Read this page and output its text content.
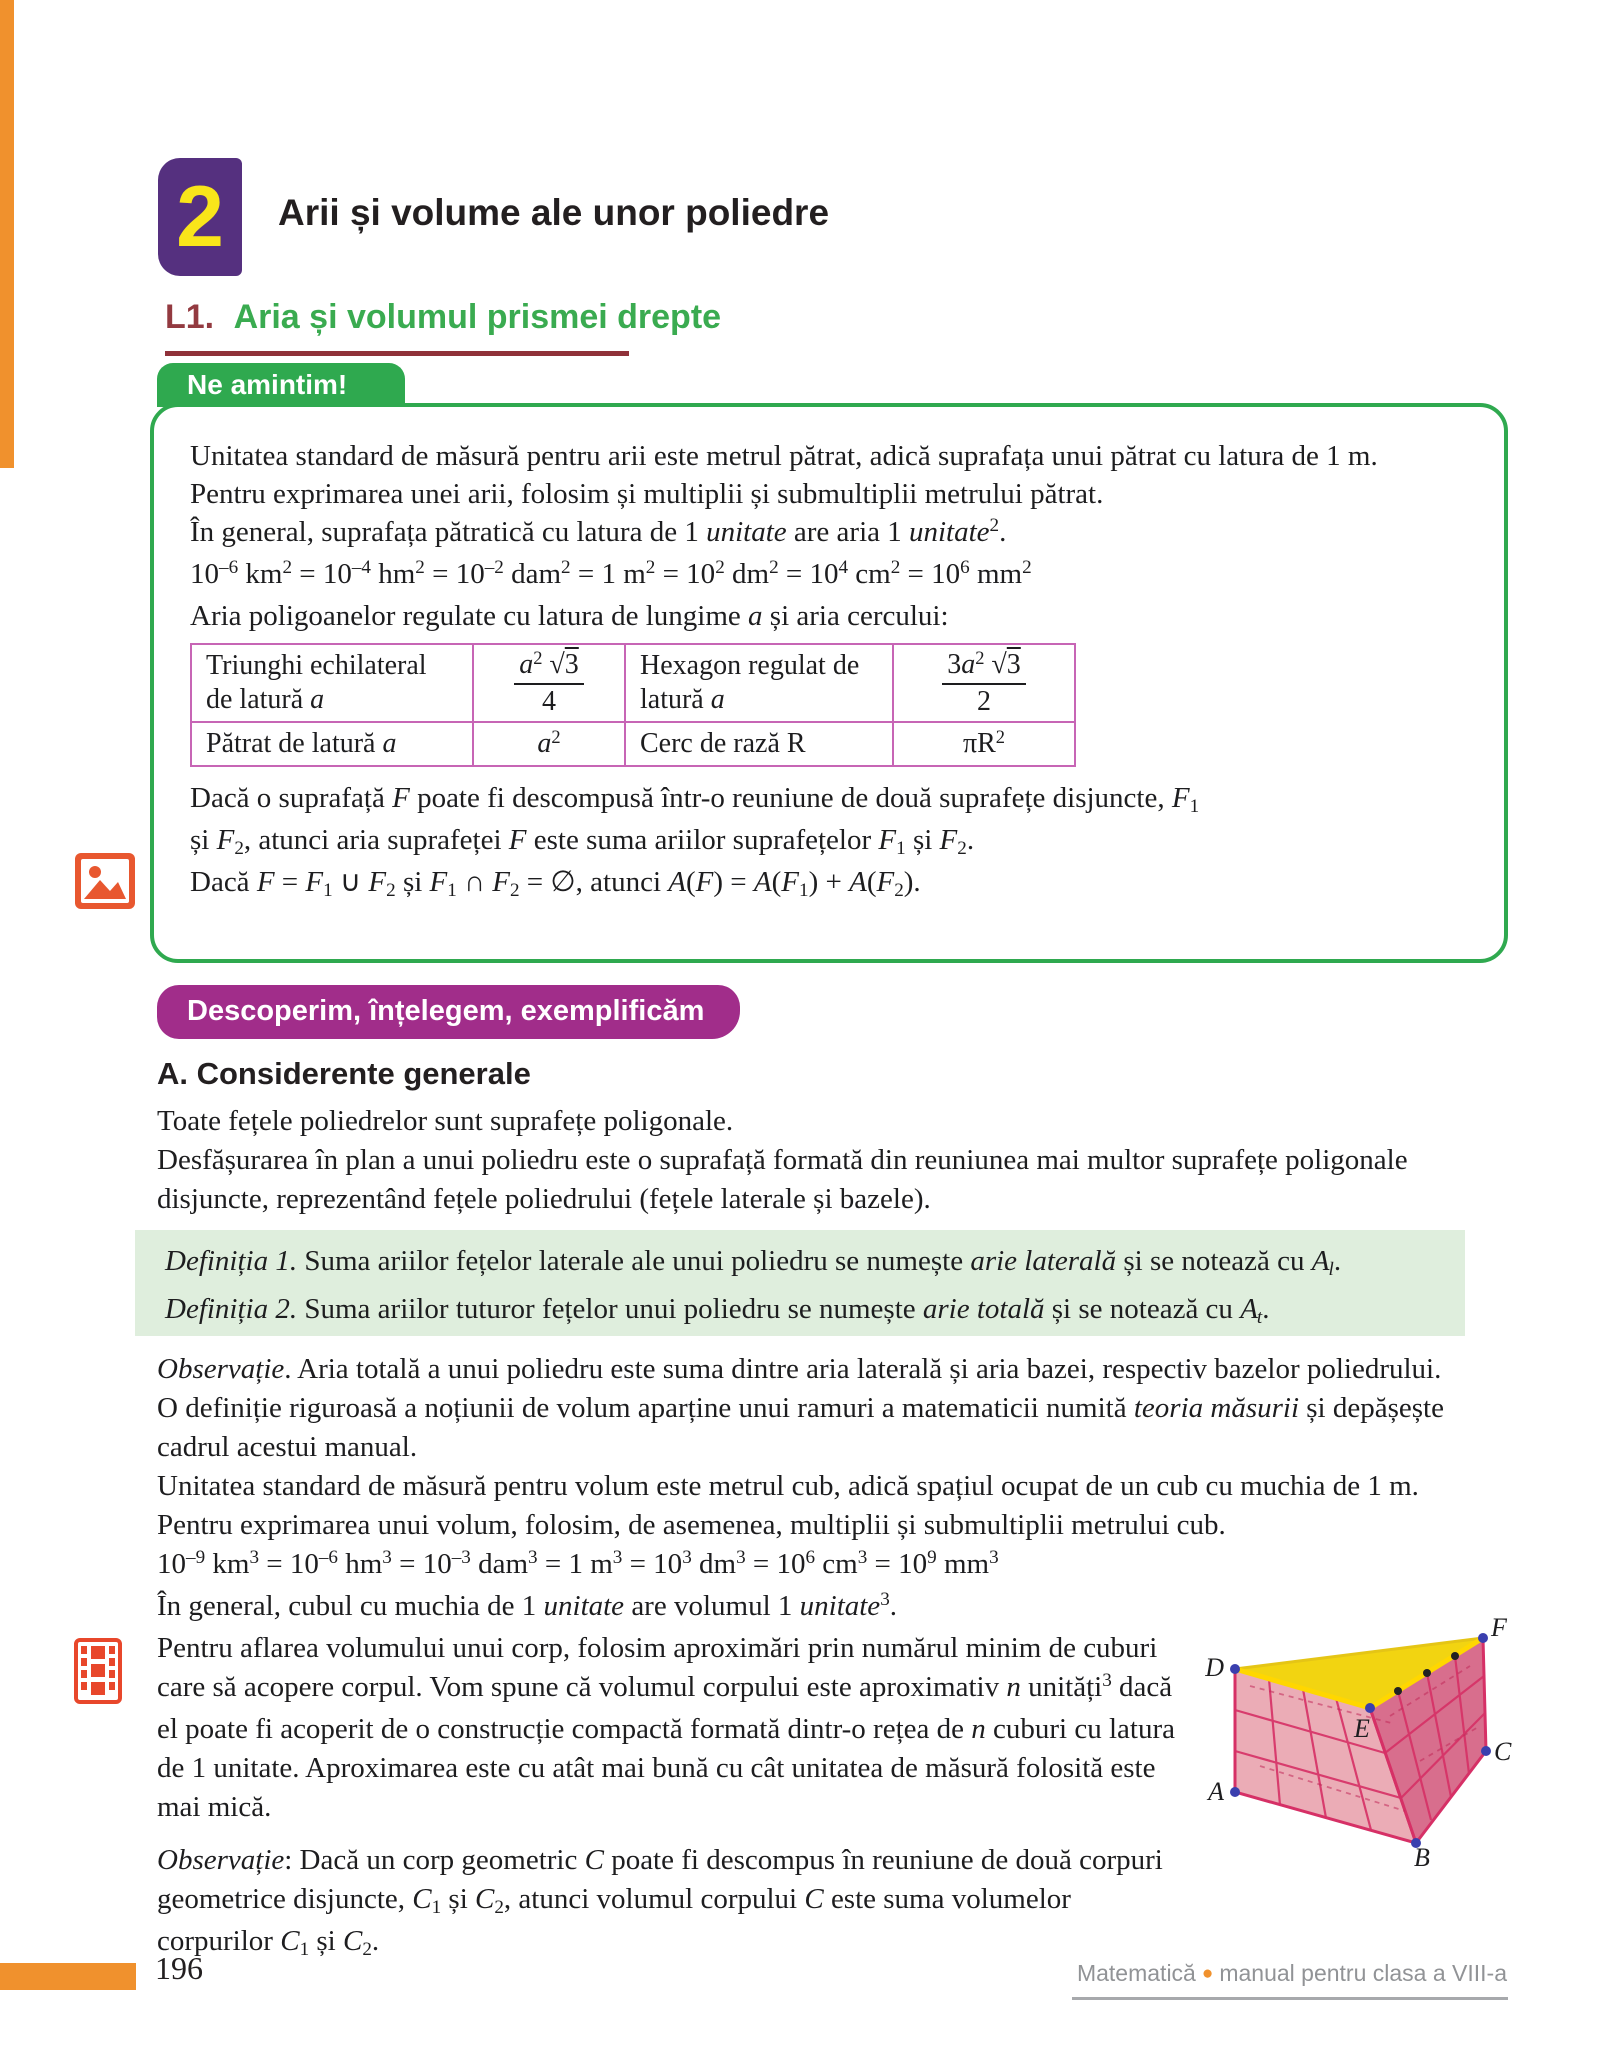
2 Arii și volume ale unor poliedre
L1. Aria și volumul prismei drepte
Ne amintim!

Unitatea standard de măsură pentru arii este metrul pătrat, adică suprafața unui pătrat cu latura de 1 m.

Pentru exprimarea unei arii, folosim și multiplii și submultiplii metrului pătrat.

În general, suprafața pătratică cu latura de 1 unitate are aria 1 unitate$^2$.

$10^{-6}$ $km^2 = 10^{-4}$ $hm^2 = 10^{-2}$ dam$^2$ = 1 $m^2 = 10^2$ $dm^2 = 10^4$ $cm^2 = 10^6$ $mm^2$

Aria poligoanelor regulate cu latura de lungime a și aria cercului:

Triunghi echilateral de latură a	$\frac{a^2 √3}{4}$	Hexagon regulat de latură a	$\frac{3a^2 √3}{2}$

Pătrat de latură a	$a^2$	Cerc de rază R	$\pi R^2$

Dacă o suprafață F poate fi descompusă într-o reuniune de două suprafețe disjuncte, F1 și F2, atunci aria suprafeței F este suma ariilor suprafețelor F1 și F2.

Dacă F = F1 ∪ F2 și F1 ∩ F2 = ∅, atunci A(F) = A(F1) + A(F2).

Descoperim, înțelegem, exemplificăm
A. Considerente generale

Toate fețele poliedrelor sunt suprafețe poligonale.

Desfășurarea în plan a unui poliedru este o suprafață formată din reuniunea mai multor suprafețe poligonale disjuncte, reprezentând fețele poliedrului (fețele laterale și bazele).

Definiția 1. Suma ariilor fețelor laterale ale unui poliedru se numește arie laterală și se notează cu Al.

Definiția 2. Suma ariilor tuturor fețelor unui poliedru se numește arie totală și se notează cu At.

Observație. Aria totală a unui poliedru este suma dintre aria laterală și aria bazei, respectiv bazelor poliedrului.

O definiție riguroasă a noțiunii de volum aparține unui ramuri a matematicii numită teoria măsurii și depășește cadrul acestui manual.

Unitatea standard de măsură pentru volum este metrul cub, adică spațiul ocupat de un cub cu muchia de 1 m.

Pentru exprimarea unui volum, folosim, de asemenea, multiplii și submultiplii metrului cub.

$10^{-9}$ $km^3 = 10^{-6}$ $hm^3 = 10^{-3}$ dam$^3$ = 1 $m^3 = 10^3$ $dm^3 = 10^6$ $cm^3 = 10^9$ $mm^3$

În general, cubul cu muchia de 1 unitate are volumul 1 unitate$^3$.

Pentru aflarea volumului unui corp, folosim aproximări prin numărul minim de cuburi care să acopere corpul. Vom spune că volumul corpului este aproximativ n unități$^3$ dacă el poate fi acoperit de o construcție compactă formată dintr-o rețea de n cuburi cu latura de 1 unitate. Aproximarea este cu atât mai bună cu cât unitatea de măsură folosită este mai mică.

Observație: Dacă un corp geometric C poate fi descompus în reuniune de două corpuri geometrice disjuncte, C1 și C2, atunci volumul corpului C este suma volumelor corpurilor C1 și C2.

D
A
E
F
C
B
196	Matematică ● manual pentru clasa a VIII-a
